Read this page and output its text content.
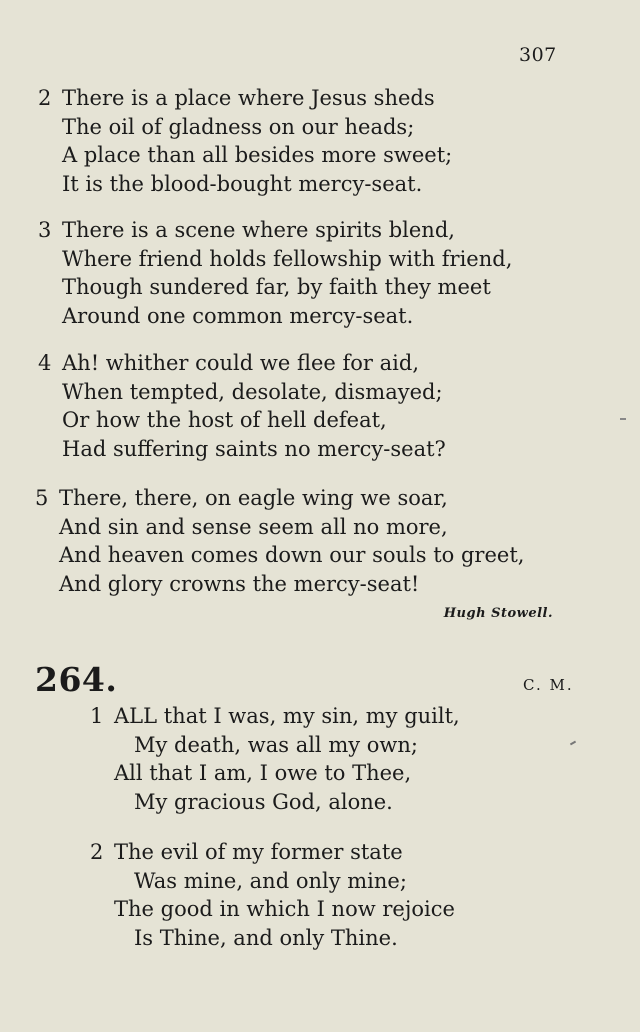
307
2 There is a place where Jesus sheds
The oil of gladness on our heads;
A place than all besides more sweet;
It is the blood-bought mercy-seat.
3 There is a scene where spirits blend,
Where friend holds fellowship with friend,
Though sundered far, by faith they meet
Around one common mercy-seat.
4 Ah! whither could we flee for aid,
When tempted, desolate, dismayed;
Or how the host of hell defeat,
Had suffering saints no mercy-seat?
5 There, there, on eagle wing we soar,
And sin and sense seem all no more,
And heaven comes down our souls to greet,
And glory crowns the mercy-seat!
Hugh Stowell.
264.	C. M.
1 ALL that I was, my sin, my guilt,
My death, was all my own;
All that I am, I owe to Thee,
My gracious God, alone.
2 The evil of my former state
Was mine, and only mine;
The good in which I now rejoice
Is Thine, and only Thine.
